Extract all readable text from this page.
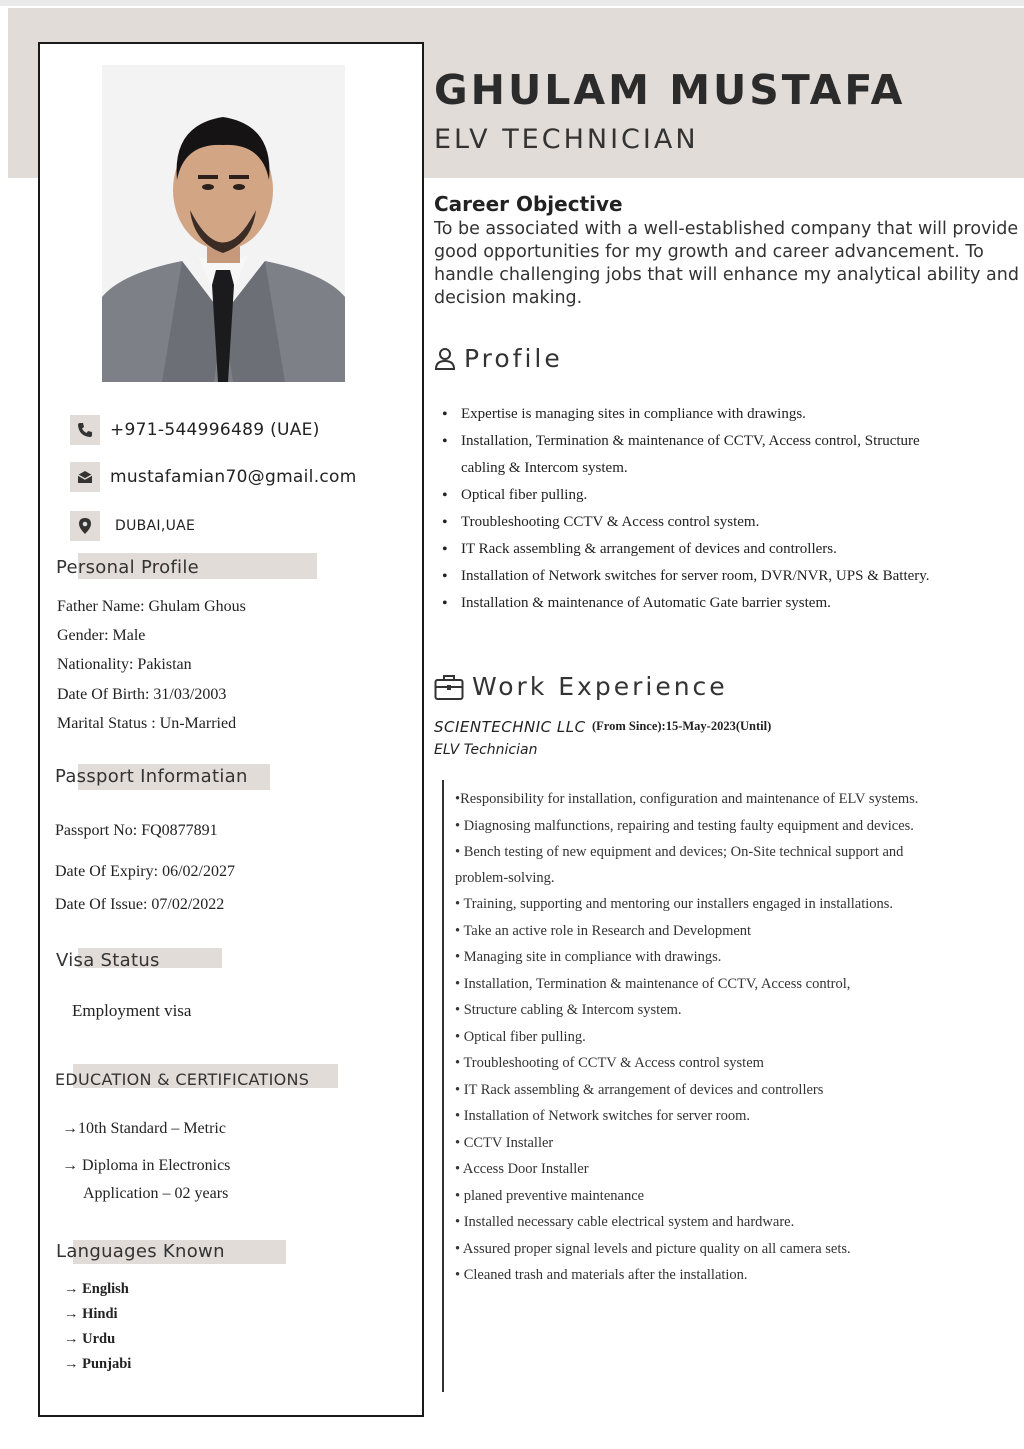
+971-544996489 (UAE)
mustafamian70@gmail.com
DUBAI,UAE
Personal Profile
Father Name: Ghulam Ghous
Gender: Male
Nationality: Pakistan
Date Of Birth: 31/03/2003
Marital Status : Un-Married
Passport Informatian
Passport No: FQ0877891
Date Of Expiry: 06/02/2027
Date Of Issue: 07/02/2022
Visa Status
Employment visa
EDUCATION & CERTIFICATIONS
→10th Standard – Metric
→ Diploma in Electronics
Application – 02 years
Languages Known
→ English
→ Hindi
→ Urdu
→ Punjabi
GHULAM MUSTAFA
ELV TECHNICIAN
Career Objective
To be associated with a well-established company that will provide good opportunities for my growth and career advancement. To handle challenging jobs that will enhance my analytical ability and decision making.
Profile
• Expertise is managing sites in compliance with drawings.
• Installation, Termination & maintenance of CCTV, Access control, Structure cabling & Intercom system.
• Optical fiber pulling.
• Troubleshooting CCTV & Access control system.
• IT Rack assembling & arrangement of devices and controllers.
• Installation of Network switches for server room, DVR/NVR, UPS & Battery.
• Installation & maintenance of Automatic Gate barrier system.
Work Experience
SCIENTECHNIC LLC (From Since):15-May-2023(Until)
ELV Technician
•Responsibility for installation, configuration and maintenance of ELV systems.
• Diagnosing malfunctions, repairing and testing faulty equipment and devices.
• Bench testing of new equipment and devices; On-Site technical support and problem-solving.
• Training, supporting and mentoring our installers engaged in installations.
• Take an active role in Research and Development
• Managing site in compliance with drawings.
• Installation, Termination & maintenance of CCTV, Access control,
• Structure cabling & Intercom system.
• Optical fiber pulling.
• Troubleshooting of CCTV & Access control system
• IT Rack assembling & arrangement of devices and controllers
• Installation of Network switches for server room.
• CCTV Installer
• Access Door Installer
• planed preventive maintenance
• Installed necessary cable electrical system and hardware.
• Assured proper signal levels and picture quality on all camera sets.
• Cleaned trash and materials after the installation.
